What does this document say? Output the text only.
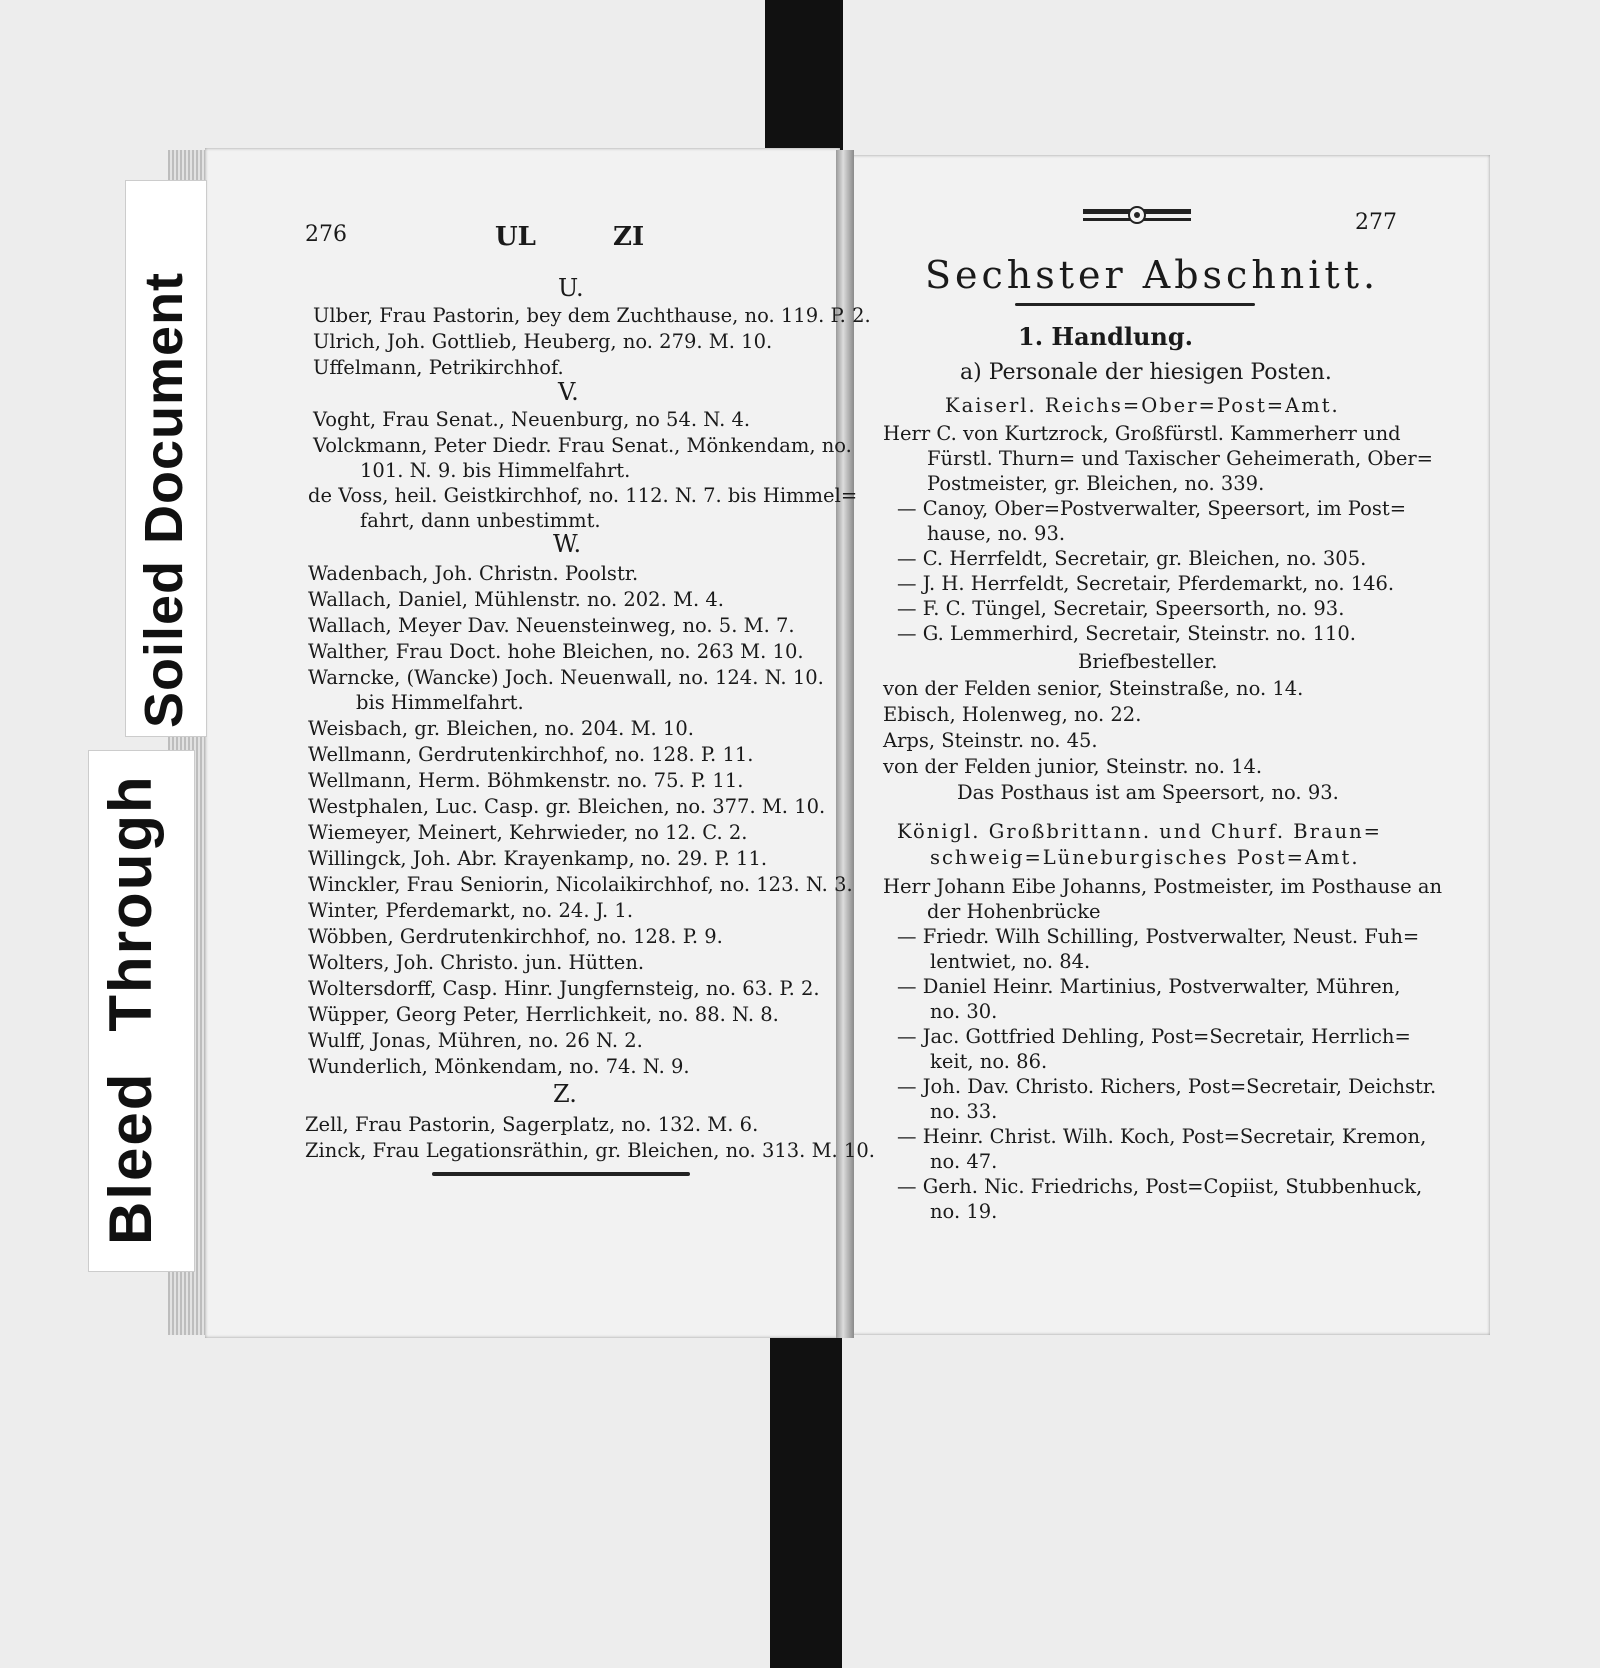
Soiled Document
BleedThrough
276	UL	ZI
U.
Ulber, Frau Pastorin, bey dem Zuchthause, no. 119. P. 2.
Ulrich, Joh. Gottlieb, Heuberg, no. 279. M. 10.
Uffelmann, Petrikirchhof.
V.
Voght, Frau Senat., Neuenburg, no 54. N. 4.
Volckmann, Peter Diedr. Frau Senat., Mönkendam, no.
101. N. 9. bis Himmelfahrt.
de Voss, heil. Geistkirchhof, no. 112. N. 7. bis Himmel=
fahrt, dann unbestimmt.
W.
Wadenbach, Joh. Christn. Poolstr.
Wallach, Daniel, Mühlenstr. no. 202. M. 4.
Wallach, Meyer Dav. Neuensteinweg, no. 5. M. 7.
Walther, Frau Doct. hohe Bleichen, no. 263 M. 10.
Warncke, (Wancke) Joch. Neuenwall, no. 124. N. 10.
bis Himmelfahrt.
Weisbach, gr. Bleichen, no. 204. M. 10.
Wellmann, Gerdrutenkirchhof, no. 128. P. 11.
Wellmann, Herm. Böhmkenstr. no. 75. P. 11.
Westphalen, Luc. Casp. gr. Bleichen, no. 377. M. 10.
Wiemeyer, Meinert, Kehrwieder, no 12. C. 2.
Willingck, Joh. Abr. Krayenkamp, no. 29. P. 11.
Winckler, Frau Seniorin, Nicolaikirchhof, no. 123. N. 3.
Winter, Pferdemarkt, no. 24. J. 1.
Wöbben, Gerdrutenkirchhof, no. 128. P. 9.
Wolters, Joh. Christo. jun. Hütten.
Woltersdorff, Casp. Hinr. Jungfernsteig, no. 63. P. 2.
Wüpper, Georg Peter, Herrlichkeit, no. 88. N. 8.
Wulff, Jonas, Mühren, no. 26 N. 2.
Wunderlich, Mönkendam, no. 74. N. 9.
Z.
Zell, Frau Pastorin, Sagerplatz, no. 132. M. 6.
Zinck, Frau Legationsräthin, gr. Bleichen, no. 313. M. 10.
277
Sechster Abschnitt.
1. Handlung.
a) Personale der hiesigen Posten.
Kaiserl. Reichs=Ober=Post=Amt.
Herr C. von Kurtzrock, Großfürstl. Kammerherr und
Fürstl. Thurn= und Taxischer Geheimerath, Ober=
Postmeister, gr. Bleichen, no. 339.
— Canoy, Ober=Postverwalter, Speersort, im Post=
hause, no. 93.
— C. Herrfeldt, Secretair, gr. Bleichen, no. 305.
— J. H. Herrfeldt, Secretair, Pferdemarkt, no. 146.
— F. C. Tüngel, Secretair, Speersorth, no. 93.
— G. Lemmerhird, Secretair, Steinstr. no. 110.
Briefbesteller.
von der Felden senior, Steinstraße, no. 14.
Ebisch, Holenweg, no. 22.
Arps, Steinstr. no. 45.
von der Felden junior, Steinstr. no. 14.
Das Posthaus ist am Speersort, no. 93.
Königl. Großbrittann. und Churf. Braun=
schweig=Lüneburgisches Post=Amt.
Herr Johann Eibe Johanns, Postmeister, im Posthause an
der Hohenbrücke
— Friedr. Wilh Schilling, Postverwalter, Neust. Fuh=
lentwiet, no. 84.
— Daniel Heinr. Martinius, Postverwalter, Mühren,
no. 30.
— Jac. Gottfried Dehling, Post=Secretair, Herrlich=
keit, no. 86.
— Joh. Dav. Christo. Richers, Post=Secretair, Deichstr.
no. 33.
— Heinr. Christ. Wilh. Koch, Post=Secretair, Kremon,
no. 47.
— Gerh. Nic. Friedrichs, Post=Copiist, Stubbenhuck,
no. 19.
